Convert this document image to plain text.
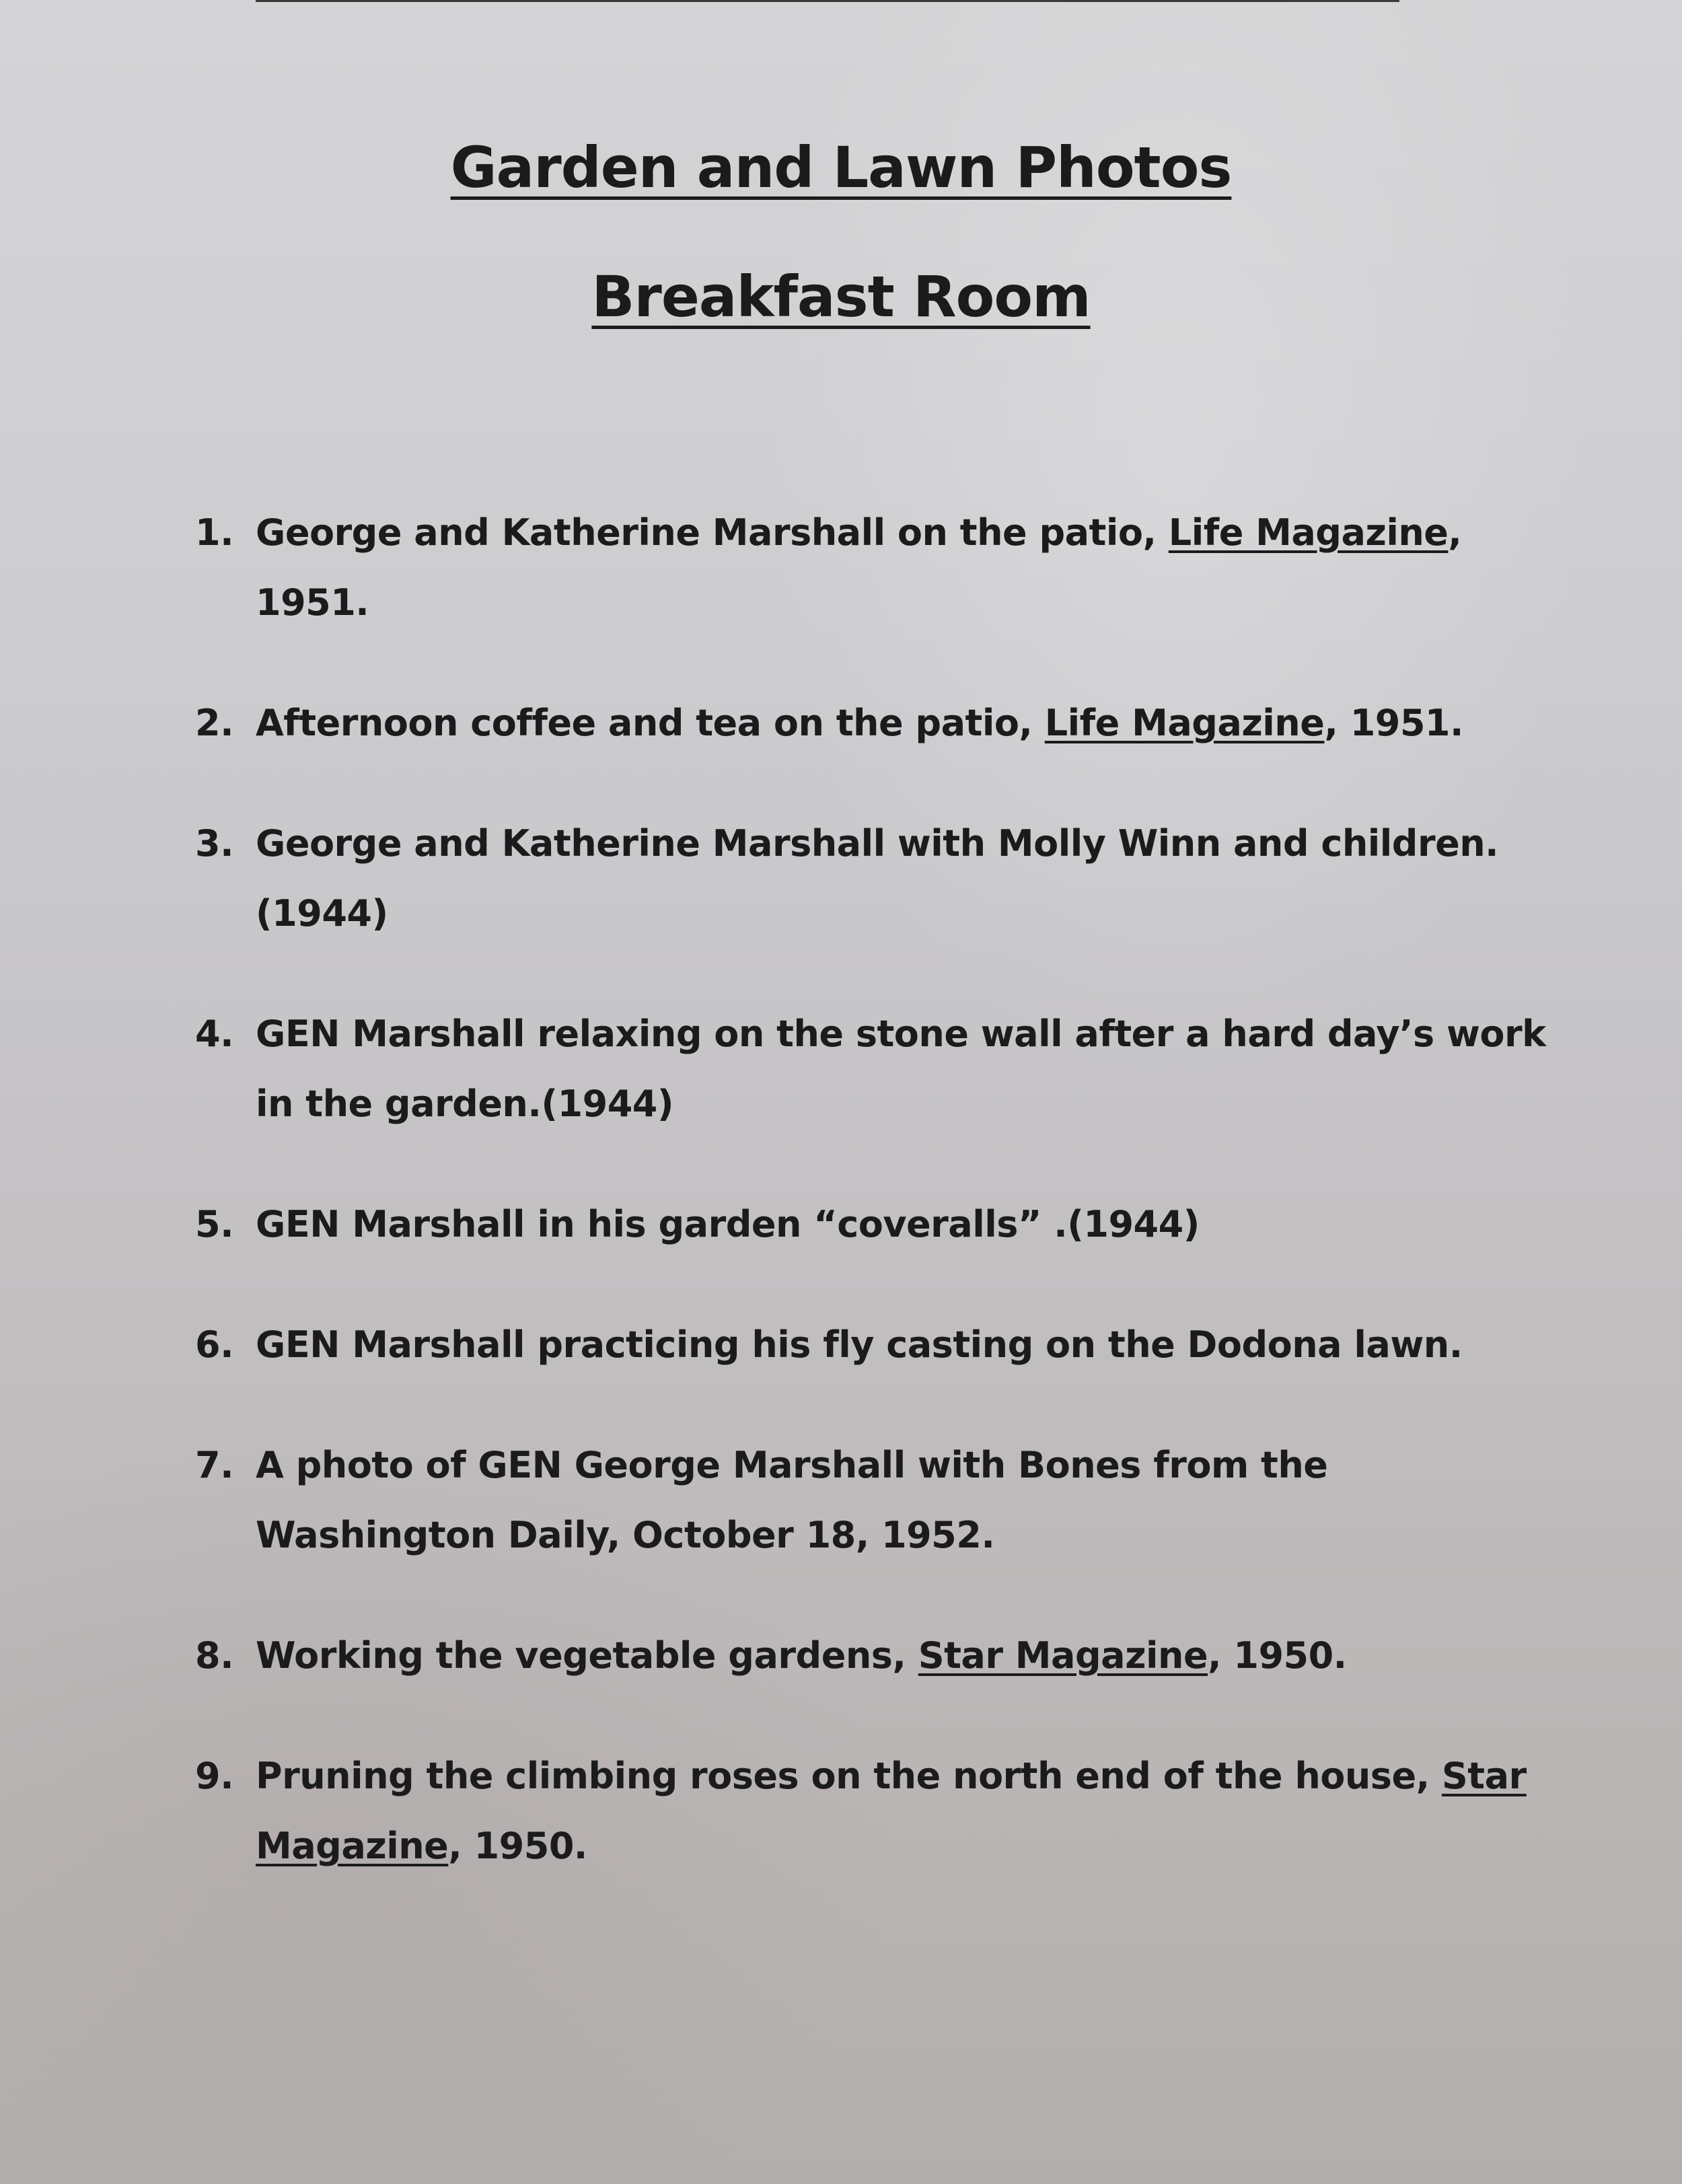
Garden and Lawn Photos
Breakfast Room
1. George and Katherine Marshall on the patio, Life Magazine, 1951.
2. Afternoon coffee and tea on the patio, Life Magazine, 1951.
3. George and Katherine Marshall with Molly Winn and children. (1944)
4. GEN Marshall relaxing on the stone wall after a hard day’s work in the garden.(1944)
5. GEN Marshall in his garden “coveralls” .(1944)
6. GEN Marshall practicing his fly casting on the Dodona lawn.
7. A photo of GEN George Marshall with Bones from the Washington Daily, October 18, 1952.
8. Working the vegetable gardens, Star Magazine, 1950.
9. Pruning the climbing roses on the north end of the house, Star Magazine, 1950.
